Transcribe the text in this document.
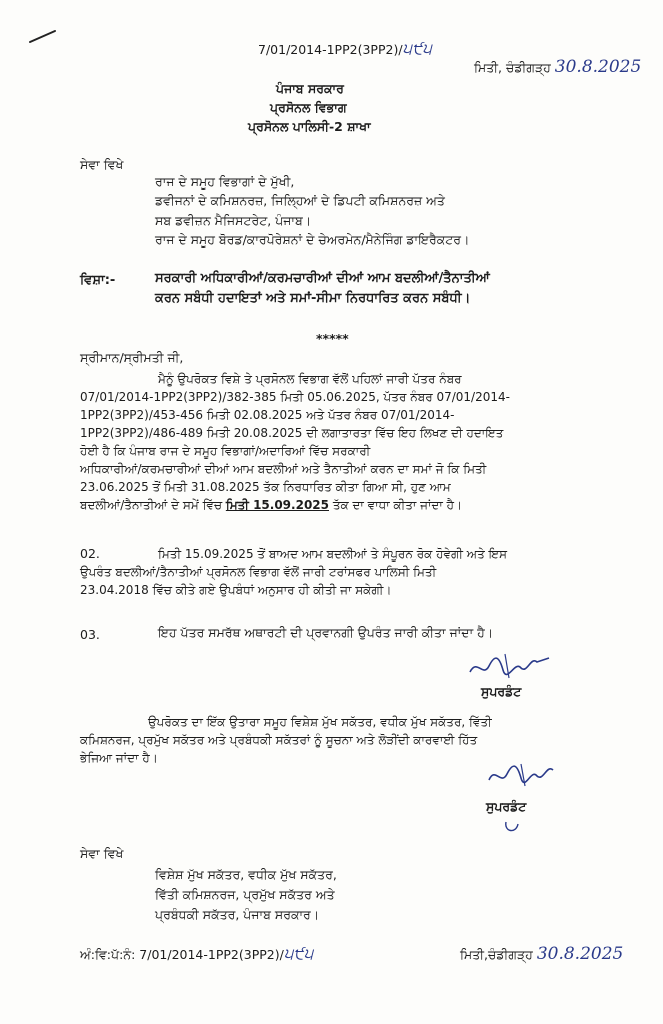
7/01/2014-1PP2(3PP2)/੫੯੫
ਮਿਤੀ, ਚੰਡੀਗੜ੍ਹ 30.8.2025
ਪੰਜਾਬ ਸਰਕਾਰ
ਪ੍ਰਸੋਨਲ ਵਿਭਾਗ
ਪ੍ਰਸੋਨਲ ਪਾਲਿਸੀ-2 ਸ਼ਾਖਾ
ਸੇਵਾ ਵਿਖੇ
ਰਾਜ ਦੇ ਸਮੂਹ ਵਿਭਾਗਾਂ ਦੇ ਮੁੱਖੀ,
ਡਵੀਜਨਾਂ ਦੇ ਕਮਿਸ਼ਨਰਜ਼, ਜਿਲ੍ਹਿਆਂ ਦੇ ਡਿਪਟੀ ਕਮਿਸ਼ਨਰਜ਼ ਅਤੇ
ਸਬ ਡਵੀਜ਼ਨ ਮੈਜਿਸਟਰੇਟ, ਪੰਜਾਬ।
ਰਾਜ ਦੇ ਸਮੂਹ ਬੋਰਡ/ਕਾਰਪੋਰੇਸ਼ਨਾਂ ਦੇ ਚੇਅਰਮੇਨ/ਮੈਨੇਜਿੰਗ ਡਾਇਰੈਕਟਰ।
ਵਿਸ਼ਾ:-	ਸਰਕਾਰੀ ਅਧਿਕਾਰੀਆਂ/ਕਰਮਚਾਰੀਆਂ ਦੀਆਂ ਆਮ ਬਦਲੀਆਂ/ਤੈਨਾਤੀਆਂ
ਕਰਨ ਸਬੰਧੀ ਹਦਾਇਤਾਂ ਅਤੇ ਸਮਾਂ-ਸੀਮਾ ਨਿਰਧਾਰਿਤ ਕਰਨ ਸਬੰਧੀ।
*****
ਸ੍ਰੀਮਾਨ/ਸ੍ਰੀਮਤੀ ਜੀ,
ਮੈਨੂੰ ਉਪਰੋਕਤ ਵਿਸ਼ੇ ਤੇ ਪ੍ਰਸੋਨਲ ਵਿਭਾਗ ਵੱਲੋਂ ਪਹਿਲਾਂ ਜਾਰੀ ਪੱਤਰ ਨੰਬਰ
07/01/2014-1PP2(3PP2)/382-385 ਮਿਤੀ 05.06.2025, ਪੱਤਰ ਨੰਬਰ 07/01/2014-
1PP2(3PP2)/453-456 ਮਿਤੀ 02.08.2025 ਅਤੇ ਪੱਤਰ ਨੰਬਰ 07/01/2014-
1PP2(3PP2)/486-489 ਮਿਤੀ 20.08.2025 ਦੀ ਲਗਾਤਾਰਤਾ ਵਿੱਚ ਇਹ ਲਿਖਣ ਦੀ ਹਦਾਇਤ
ਹੋਈ ਹੈ ਕਿ ਪੰਜਾਬ ਰਾਜ ਦੇ ਸਮੂਹ ਵਿਭਾਗਾਂ/ਅਦਾਰਿਆਂ ਵਿੱਚ ਸਰਕਾਰੀ
ਅਧਿਕਾਰੀਆਂ/ਕਰਮਚਾਰੀਆਂ ਦੀਆਂ ਆਮ ਬਦਲੀਆਂ ਅਤੇ ਤੈਨਾਤੀਆਂ ਕਰਨ ਦਾ ਸਮਾਂ ਜੋ ਕਿ ਮਿਤੀ
23.06.2025 ਤੋਂ ਮਿਤੀ 31.08.2025 ਤੱਕ ਨਿਰਧਾਰਿਤ ਕੀਤਾ ਗਿਆ ਸੀ, ਹੁਣ ਆਮ
ਬਦਲੀਆਂ/ਤੈਨਾਤੀਆਂ ਦੇ ਸਮੇਂ ਵਿੱਚ ਮਿਤੀ 15.09.2025 ਤੱਕ ਦਾ ਵਾਧਾ ਕੀਤਾ ਜਾਂਦਾ ਹੈ।
02.	ਮਿਤੀ 15.09.2025 ਤੋਂ ਬਾਅਦ ਆਮ ਬਦਲੀਆਂ ਤੇ ਸੰਪੂਰਨ ਰੋਕ ਹੋਵੇਗੀ ਅਤੇ ਇਸ
ਉਪਰੰਤ ਬਦਲੀਆਂ/ਤੈਨਾਤੀਆਂ ਪ੍ਰਸੋਨਲ ਵਿਭਾਗ ਵੱਲੋਂ ਜਾਰੀ ਟਰਾਂਸਫਰ ਪਾਲਿਸੀ ਮਿਤੀ
23.04.2018 ਵਿੱਚ ਕੀਤੇ ਗਏ ਉਪਬੰਧਾਂ ਅਨੁਸਾਰ ਹੀ ਕੀਤੀ ਜਾ ਸਕੇਗੀ।
03.	ਇਹ ਪੱਤਰ ਸਮਰੱਥ ਅਥਾਰਟੀ ਦੀ ਪ੍ਰਵਾਨਗੀ ਉਪਰੰਤ ਜਾਰੀ ਕੀਤਾ ਜਾਂਦਾ ਹੈ।
ਸੁਪਰਡੰਟ
ਉਪਰੋਕਤ ਦਾ ਇੱਕ ਉਤਾਰਾ ਸਮੂਹ ਵਿਸ਼ੇਸ਼ ਮੁੱਖ ਸਕੱਤਰ, ਵਧੀਕ ਮੁੱਖ ਸਕੱਤਰ, ਵਿੱਤੀ
ਕਮਿਸ਼ਨਰਜ, ਪ੍ਰਮੁੱਖ ਸਕੱਤਰ ਅਤੇ ਪ੍ਰਬੰਧਕੀ ਸਕੱਤਰਾਂ ਨੂੰ ਸੂਚਨਾ ਅਤੇ ਲੋੜੀਂਦੀ ਕਾਰਵਾਈ ਹਿੱਤ
ਭੇਜਿਆ ਜਾਂਦਾ ਹੈ।
ਸੁਪਰਡੰਟ
ਸੇਵਾ ਵਿਖੇ
ਵਿਸ਼ੇਸ਼ ਮੁੱਖ ਸਕੱਤਰ, ਵਧੀਕ ਮੁੱਖ ਸਕੱਤਰ,
ਵਿੱਤੀ ਕਮਿਸ਼ਨਰਜ, ਪ੍ਰਮੁੱਖ ਸਕੱਤਰ ਅਤੇ
ਪ੍ਰਬੰਧਕੀ ਸਕੱਤਰ, ਪੰਜਾਬ ਸਰਕਾਰ।
ਅੰ:ਵਿ:ਪੱ:ਨੰ: 7/01/2014-1PP2(3PP2)/੫੯੫	ਮਿਤੀ,ਚੰਡੀਗੜ੍ਹ 30.8.2025
